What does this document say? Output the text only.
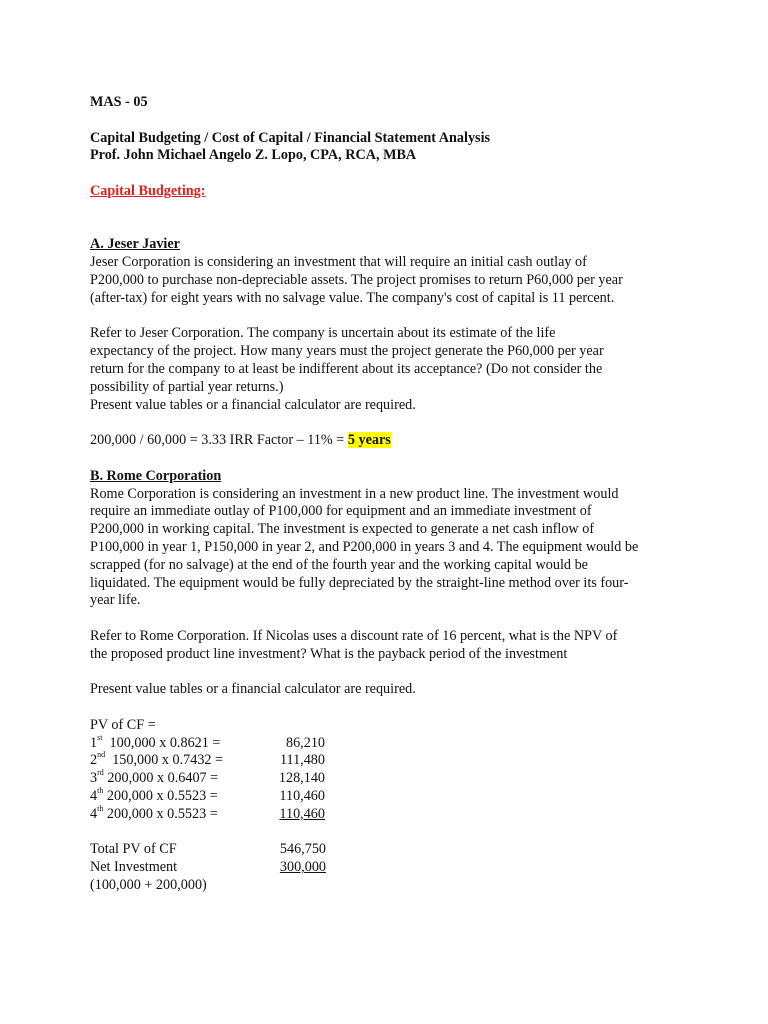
MAS - 05
Capital Budgeting / Cost of Capital / Financial Statement Analysis
Prof. John Michael Angelo Z. Lopo, CPA, RCA, MBA
Capital Budgeting:
A. Jeser Javier
Jeser Corporation is considering an investment that will require an initial cash outlay of
P200,000 to purchase non-depreciable assets. The project promises to return P60,000 per year
(after-tax) for eight years with no salvage value. The company's cost of capital is 11 percent.
Refer to Jeser Corporation. The company is uncertain about its estimate of the life
expectancy of the project. How many years must the project generate the P60,000 per year
return for the company to at least be indifferent about its acceptance? (Do not consider the
possibility of partial year returns.)
Present value tables or a financial calculator are required.
200,000 / 60,000 = 3.33 IRR Factor – 11% = 5 years
B. Rome Corporation
Rome Corporation is considering an investment in a new product line. The investment would
require an immediate outlay of P100,000 for equipment and an immediate investment of
P200,000 in working capital. The investment is expected to generate a net cash inflow of
P100,000 in year 1, P150,000 in year 2, and P200,000 in years 3 and 4. The equipment would be
scrapped (for no salvage) at the end of the fourth year and the working capital would be
liquidated. The equipment would be fully depreciated by the straight-line method over its four-
year life.
Refer to Rome Corporation. If Nicolas uses a discount rate of 16 percent, what is the NPV of
the proposed product line investment? What is the payback period of the investment
Present value tables or a financial calculator are required.
PV of CF =
1st  100,000 x 0.8621 =	86,210
2nd  150,000 x 0.7432 =	111,480
3rd 200,000 x 0.6407 =	128,140
4th 200,000 x 0.5523 =	110,460
4th 200,000 x 0.5523 =	110,460
Total PV of CF	546,750
Net Investment	300,000
(100,000 + 200,000)
